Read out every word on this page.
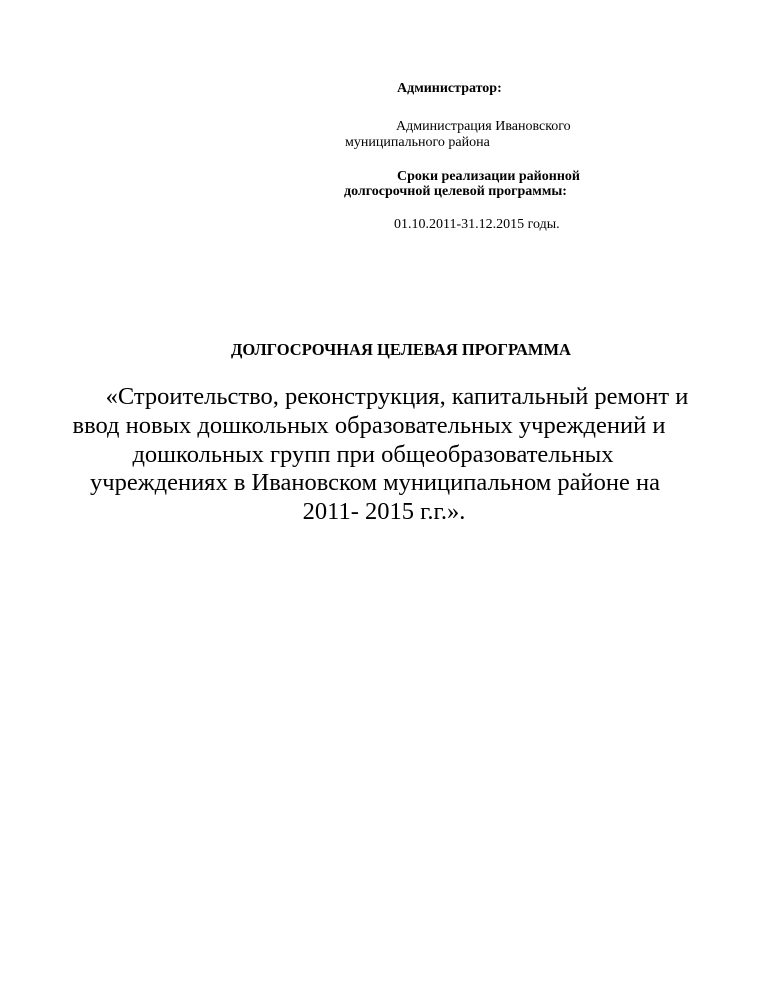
Администратор:
Администрация Ивановского
муниципального района
Сроки реализации районной
долгосрочной целевой программы:
01.10.2011-31.12.2015 годы.
ДОЛГОСРОЧНАЯ ЦЕЛЕВАЯ ПРОГРАММА
«Строительство, реконструкция, капитальный ремонт и
ввод новых дошкольных образовательных учреждений и
дошкольных групп при общеобразовательных
учреждениях в Ивановском муниципальном районе на
2011- 2015 г.г.».
